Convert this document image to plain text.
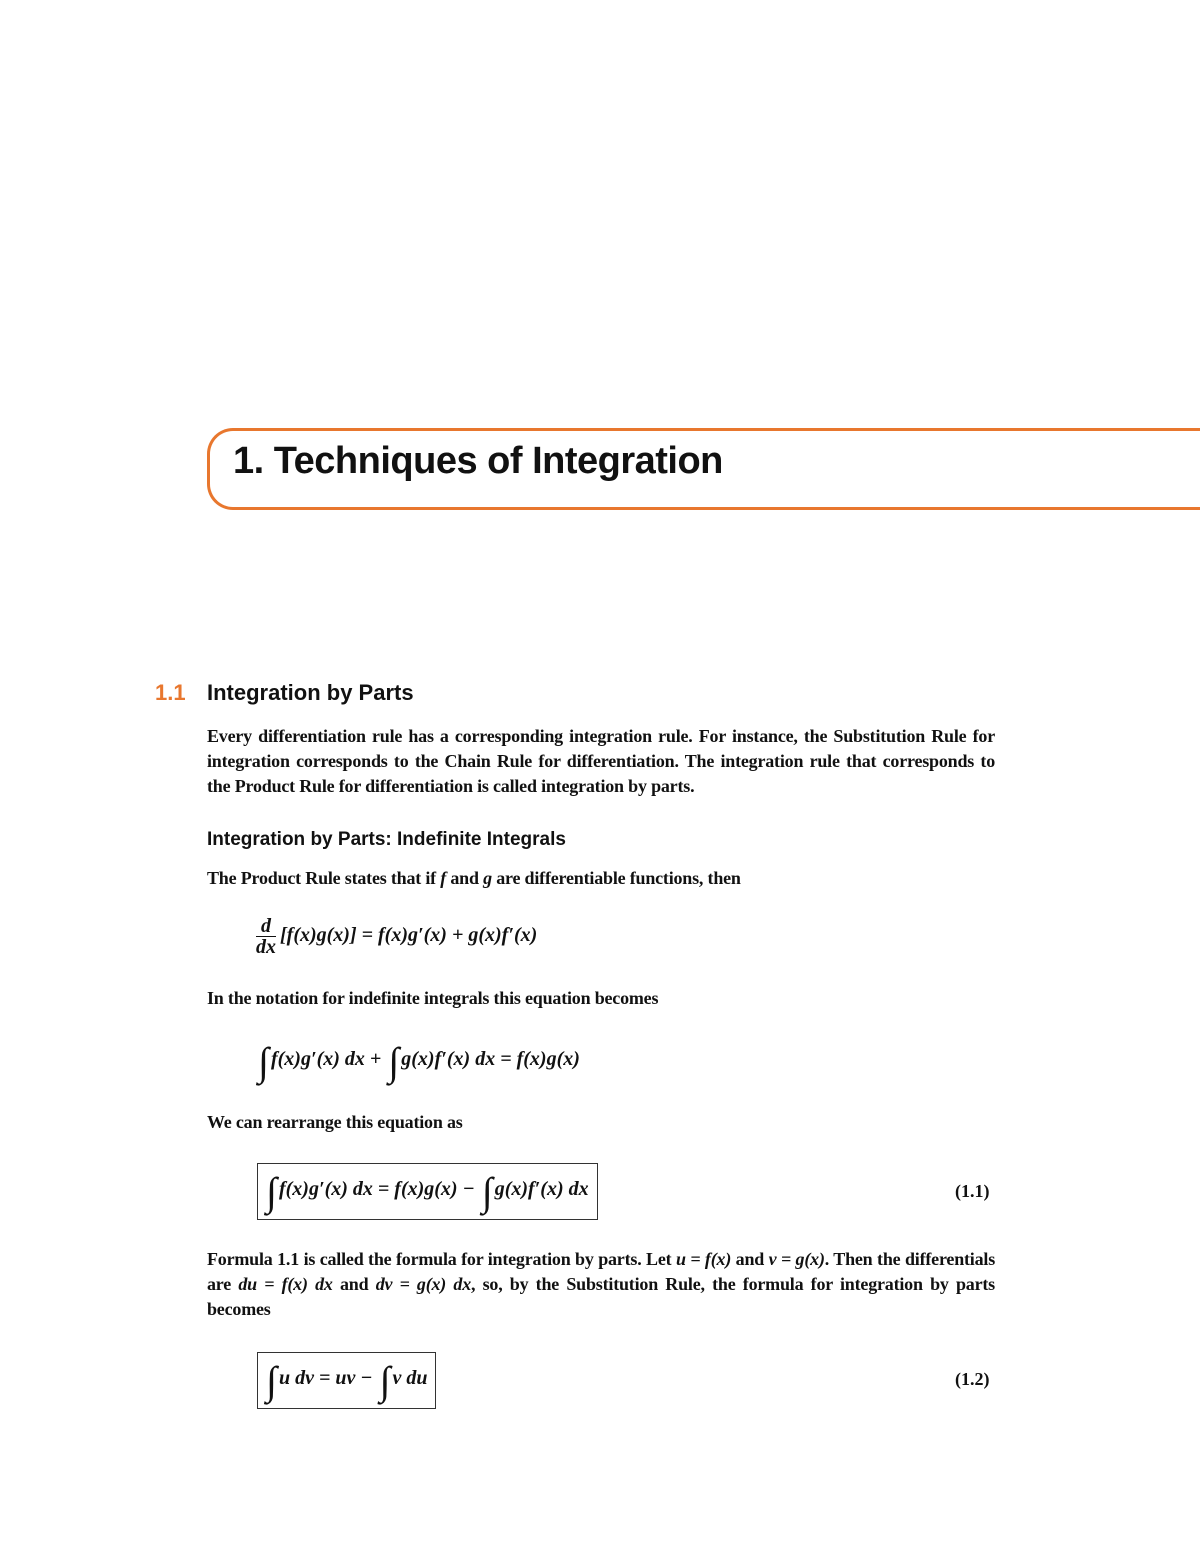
1. Techniques of Integration
1.1 Integration by Parts

Every differentiation rule has a corresponding integration rule. For instance, the Substitution Rule for integration corresponds to the Chain Rule for differentiation. The integration rule that corresponds to the Product Rule for differentiation is called integration by parts.

Integration by Parts: Indefinite Integrals

The Product Rule states that if f and g are differentiable functions, then

$\frac{d}{dx} [f(x)g(x)] = f(x)g'(x) + g(x)f'(x)$

In the notation for indefinite integrals this equation becomes

∫ f(x)g′(x) dx + ∫ g(x)f′(x) dx = f(x)g(x)

We can rearrange this equation as

∫ f(x)g′(x) dx = f(x)g(x) − ∫ g(x)f′(x) dx	(1.1)

Formula 1.1 is called the formula for integration by parts. Let u = f(x) and v = g(x). Then the differentials are du = f(x) dx and dv = g(x) dx, so, by the Substitution Rule, the formula for integration by parts becomes

∫ u dv = uv − ∫ v du	(1.2)
